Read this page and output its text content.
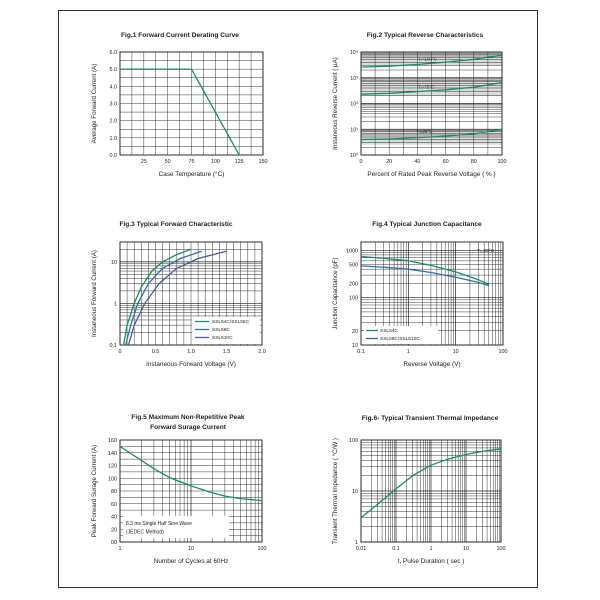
Fig.1 Forward Current Derating Curve
25	50	75	100	125	150
0.0
1.0
2.0
3.0
4.0
5.0
6.0
Case Temperature (°C)
Average Forward Current (A)
Fig.2 Typical Reverse Characteristics
0	20	40	60	80	100
10⁰
10¹
10²
10³
10⁴
Percent of Rated Peak Reverse Voltage ( % )
Instaneous Reverse Current ( µA)
Fig.3 Typical Forward Characteristic
0	0.5	1.0	1.5	2.0
0.1
1
10
Instaneous Forward Voltage (V)
Instaneous Forward Current (A)
Fig.4 Typical Junction Capacitance
0.1	1	10	100
10
20
100
200
500
1000
Reverse Voltage (V)
Junction Capacitance (pF)
Fig.5 Maximum Non-Repetitive Peak
Forward Surage Current
8.3 ms Single Half Sine Wave
(JEDEC Method)
1	10	100
00
20
40
60
80
100
120
140
160
Number of Cycles at 60Hz
Peak Forward Surage Current (A)
Fig.6- Typical Transient Thermal Impedance
0.01	0.1	1	10	100
1
10
100
t, Pulse Duration ( sec )
Transient Thermal Impedance ( °C/W )
Tⱼ=100°C
Tⱼ=75°C
Tⱼ=25°C
SSL54C/SSL55C
SSL56C
SSL510C
Tⱼ=25°C
SSL54C
SSL56C/SSL510C
